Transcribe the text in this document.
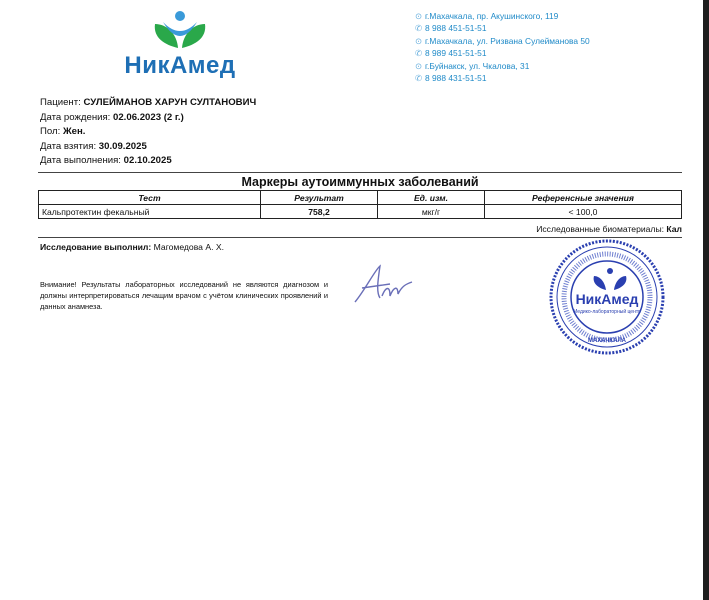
НикАмед
⊙ г.Махачкала, пр. Акушинского, 119
✆ 8 988 451-51-51
⊙ г.Махачкала, ул. Ризвана Сулейманова 50
✆ 8 989 451-51-51
⊙ г.Буйнакск, ул. Чкалова, 31
✆ 8 988 431-51-51
Пациент: СУЛЕЙМАНОВ ХАРУН СУЛТАНОВИЧ
Дата рождения: 02.06.2023 (2 г.)
Пол: Жен.
Дата взятия: 30.09.2025
Дата выполнения: 02.10.2025
Маркеры аутоиммунных заболеваний
Тест	Результат	Ед. изм.	Референсные значения
Кальпротектин фекальный	758,2	мкг/г	< 100,0
Исследованные биоматериалы: Кал
Исследование выполнил: Магомедова А. Х.
Внимание! Результаты лабораторных исследований не являются диагнозом и должны интерпретироваться лечащим врачом с учётом клинических проявлений и данных анамнеза.	НикАмед
Медико-лабораторный центр
МАХАЧКАЛА
